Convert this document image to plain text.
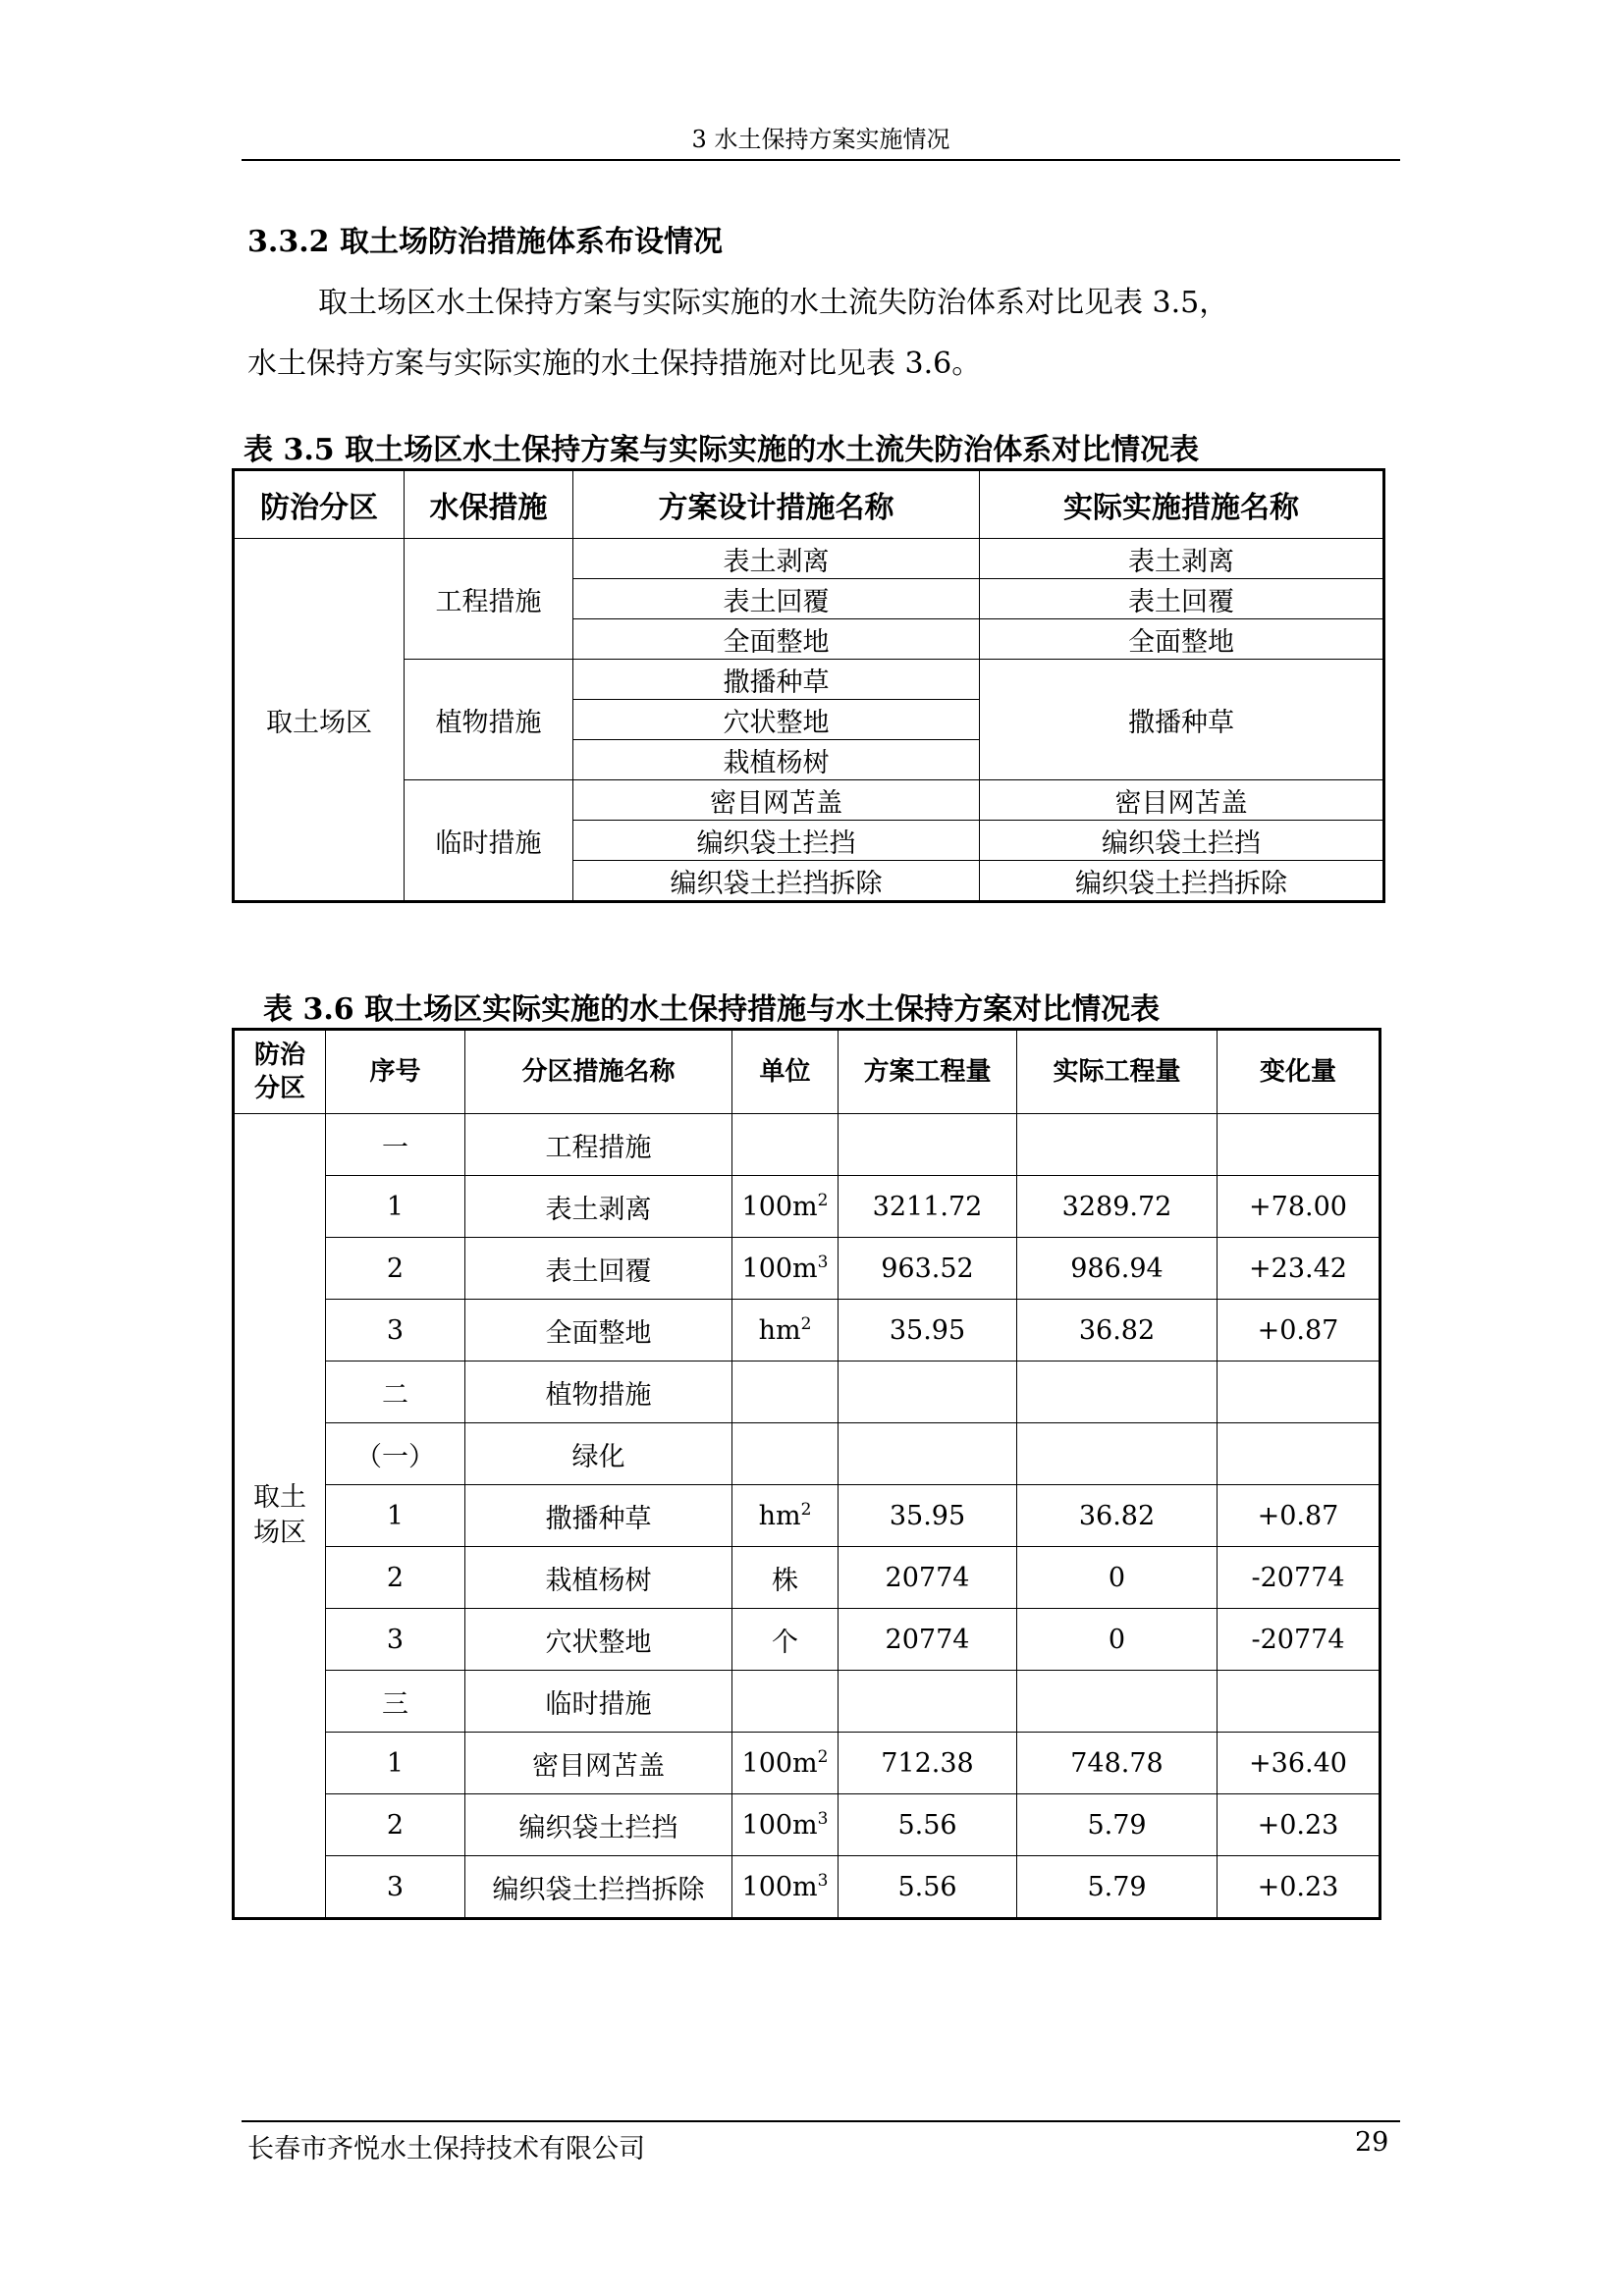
3 水土保持方案实施情况
3.3.2 取土场防治措施体系布设情况
取土场区水土保持方案与实际实施的水土流失防治体系对比见表 3.5，
水土保持方案与实际实施的水土保持措施对比见表 3.6。
表 3.5 取土场区水土保持方案与实际实施的水土流失防治体系对比情况表
防治分区	水保措施	方案设计措施名称	实际实施措施名称
取土场区	工程措施	表土剥离	表土剥离
		表土回覆	表土回覆
		全面整地	全面整地
	植物措施	撒播种草	撒播种草
		穴状整地	
		栽植杨树	
	临时措施	密目网苫盖	密目网苫盖
		编织袋土拦挡	编织袋土拦挡
		编织袋土拦挡拆除	编织袋土拦挡拆除
表 3.6 取土场区实际实施的水土保持措施与水土保持方案对比情况表
防治
分区	序号	分区措施名称	单位	方案工程量	实际工程量	变化量
取土
场区	一	工程措施				
	1	表土剥离	$100m^2$	3211.72	3289.72	+78.00
	2	表土回覆	$100m^3$	963.52	986.94	+23.42
	3	全面整地	$hm^2$	35.95	36.82	+0.87
	二	植物措施				
	（一）	绿化				
	1	撒播种草	$hm^2$	35.95	36.82	+0.87
	2	栽植杨树	株	20774	0	-20774
	3	穴状整地	个	20774	0	-20774
	三	临时措施				
	1	密目网苫盖	$100m^2$	712.38	748.78	+36.40
	2	编织袋土拦挡	$100m^3$	5.56	5.79	+0.23
	3	编织袋土拦挡拆除	$100m^3$	5.56	5.79	+0.23
长春市齐悦水土保持技术有限公司	29
